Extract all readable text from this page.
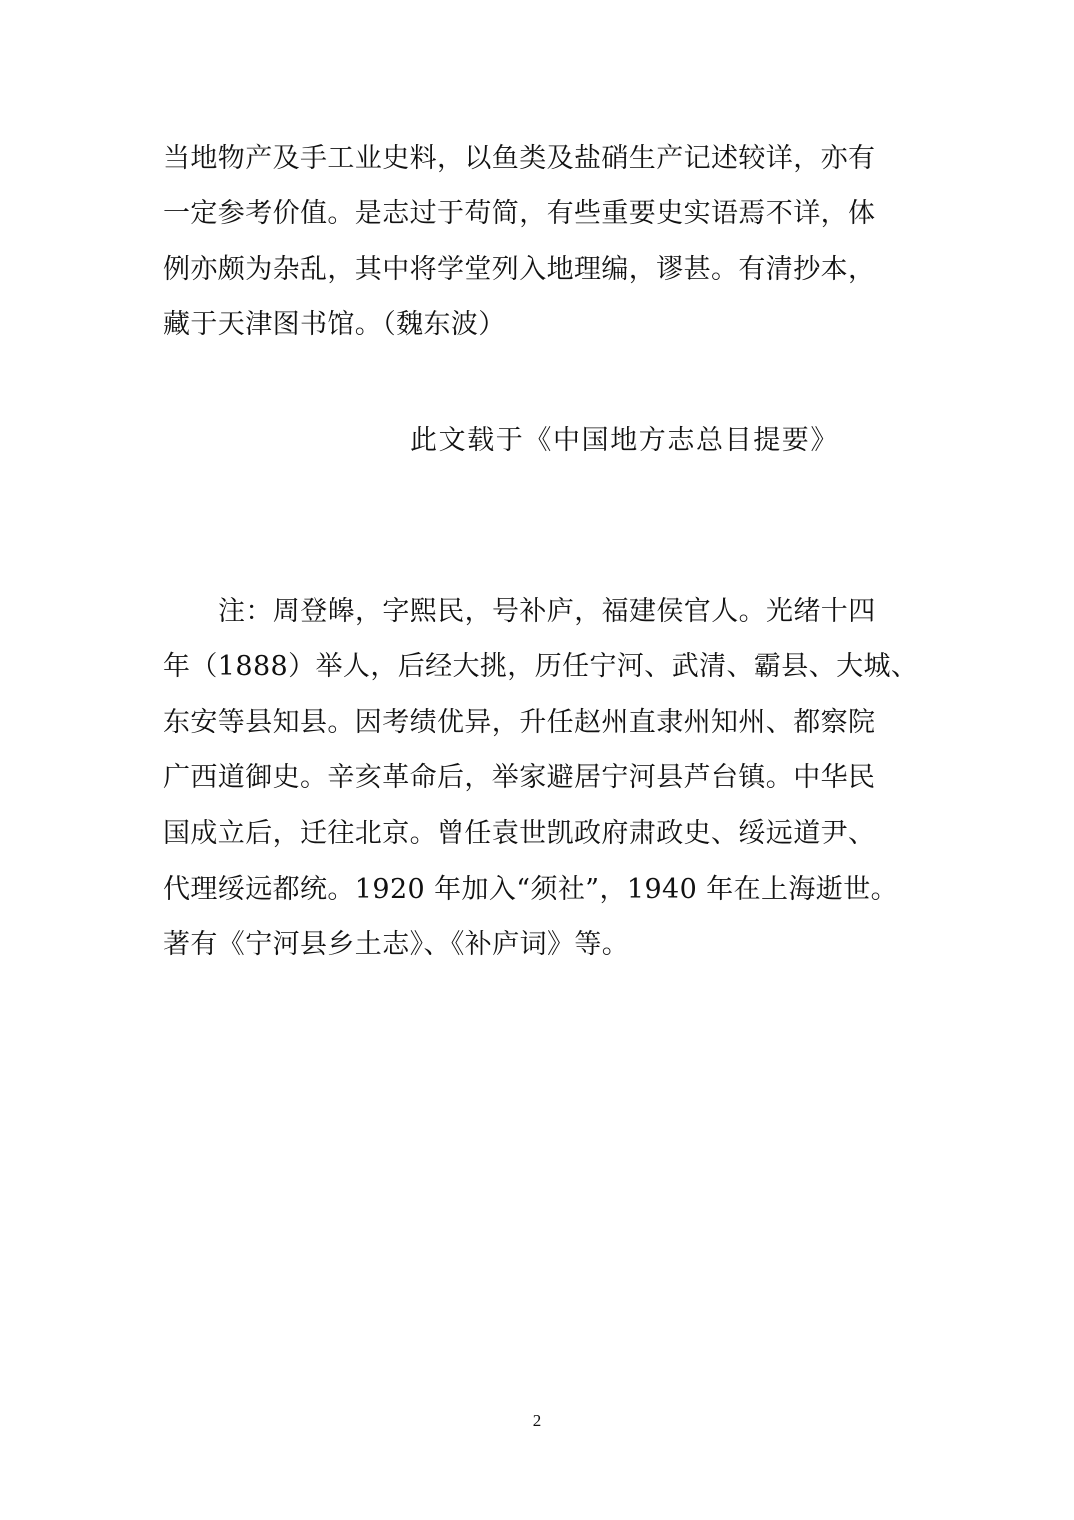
当地物产及手工业史料，以鱼类及盐硝生产记述较详，亦有
一定参考价值。是志过于苟简，有些重要史实语焉不详，体
例亦颇为杂乱，其中将学堂列入地理编，谬甚。有清抄本，
藏于天津图书馆。（魏东波）
此文载于《中国地方志总目提要》
注：周登皞，字熙民，号补庐，福建侯官人。光绪十四
年（1888）举人，后经大挑，历任宁河、武清、霸县、大城、
东安等县知县。因考绩优异，升任赵州直隶州知州、都察院
广西道御史。辛亥革命后，举家避居宁河县芦台镇。中华民
国成立后，迁往北京。曾任袁世凯政府肃政史、绥远道尹、
代理绥远都统。1920 年加入“须社”，1940 年在上海逝世。
著有《宁河县乡土志》、《补庐词》等。
2
